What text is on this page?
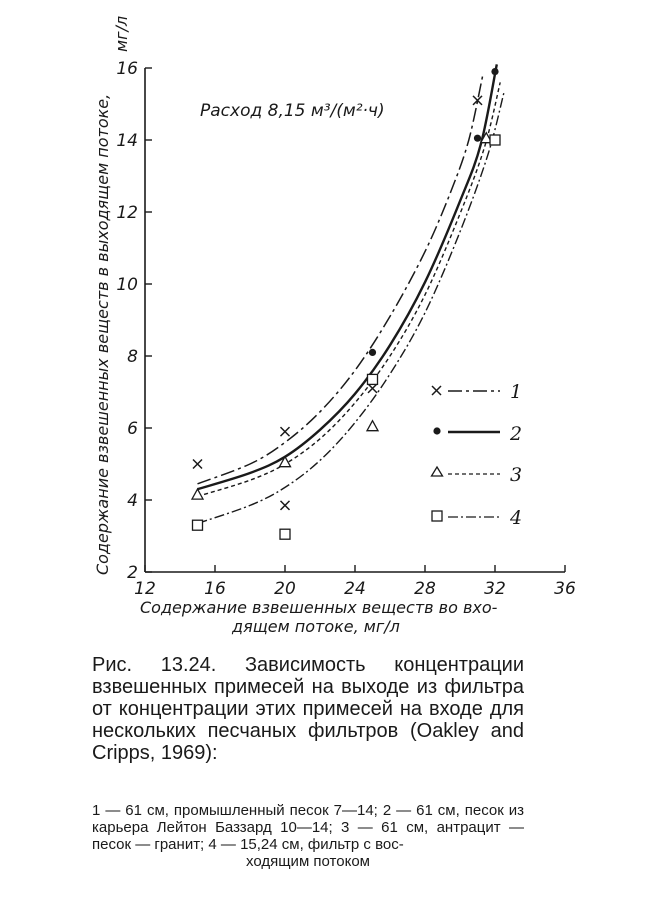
2
4
6
8
10
12
14
16
12	16	20	24	28	32	36
Расход 8,15 м³/(м²·ч)
Содержание взвешенных веществ во вхо-
дящем потоке, мг/л
Содержание взвешенных веществ в выходящем потоке,
мг/л
1
2
3
4
Рис. 13.24. Зависимость концентрации взвешенных примесей на выходе из фильтра от концентрации этих примесей на входе для нескольких песчаных фильтров (Oakley and Cripps, 1969):
1 — 61 см, промышленный песок 7—14; 2 — 61 см, песок из карьера Лейтон Баззард 10—14; 3 — 61 см, антрацит — песок — гранит; 4 — 15,24 см, фильтр с вос-
ходящим потоком
